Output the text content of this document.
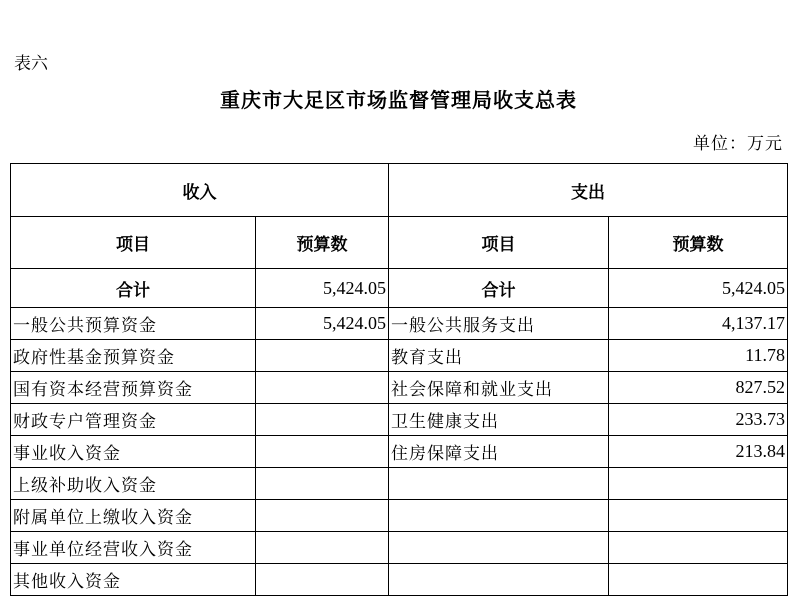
表六
重庆市大足区市场监督管理局收支总表
单位：万元
收入		支出	
项目	预算数	项目	预算数
合计	5,424.05	合计	5,424.05
一般公共预算资金	5,424.05	一般公共服务支出	4,137.17
政府性基金预算资金		教育支出	11.78
国有资本经营预算资金		社会保障和就业支出	827.52
财政专户管理资金		卫生健康支出	233.73
事业收入资金		住房保障支出	213.84
上级补助收入资金			
附属单位上缴收入资金			
事业单位经营收入资金			
其他收入资金			
